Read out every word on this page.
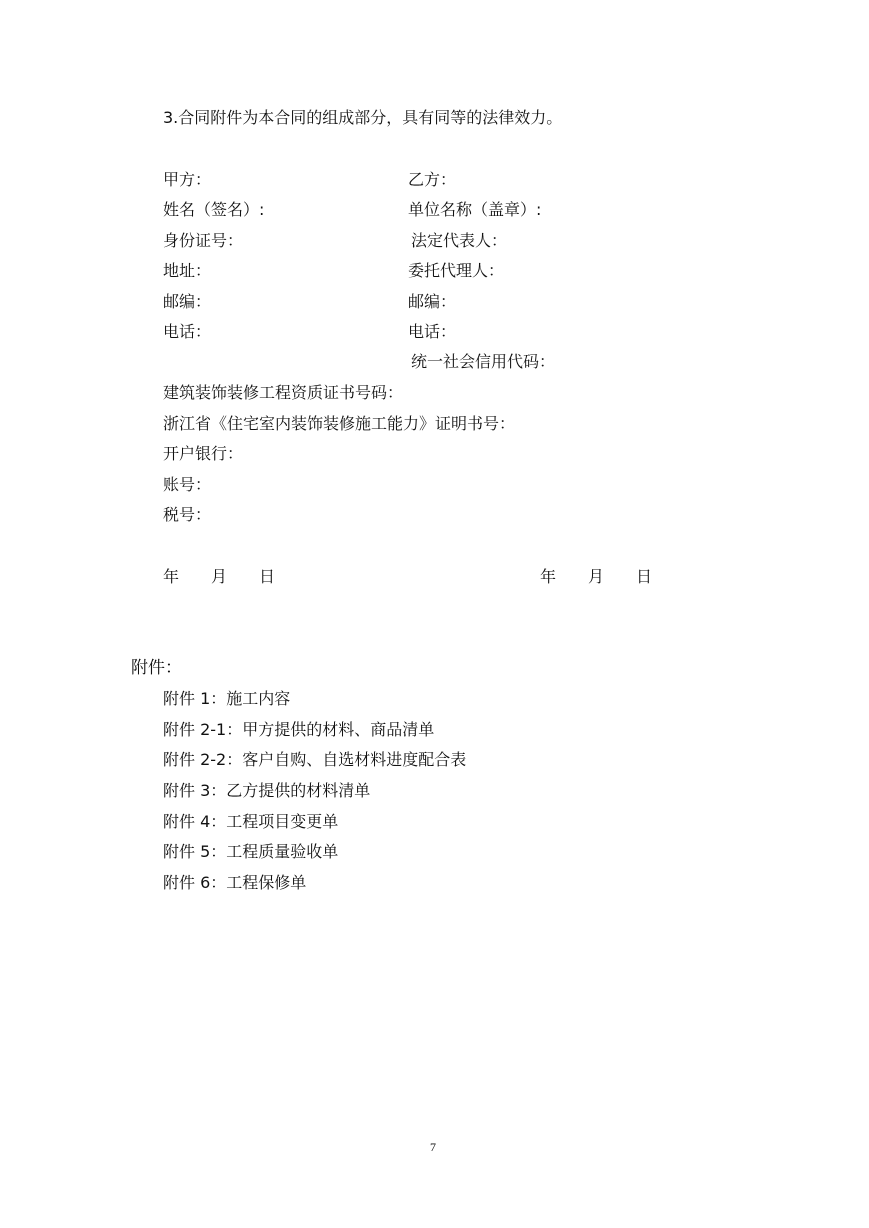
3.合同附件为本合同的组成部分，具有同等的法律效力。
甲方：
姓名（签名）:
身份证号：
地址：
邮编：
电话：
乙方：
单位名称（盖章）:
法定代表人：
委托代理人：
邮编：
电话：
统一社会信用代码：
建筑装饰装修工程资质证书号码：
浙江省《住宅室内装饰装修施工能力》证明书号：
开户银行：
账号：
税号：
年 月 日	年 月 日
附件：
附件 1：施工内容
附件 2-1：甲方提供的材料、商品清单
附件 2-2：客户自购、自选材料进度配合表
附件 3：乙方提供的材料清单
附件 4：工程项目变更单
附件 5：工程质量验收单
附件 6：工程保修单
7
